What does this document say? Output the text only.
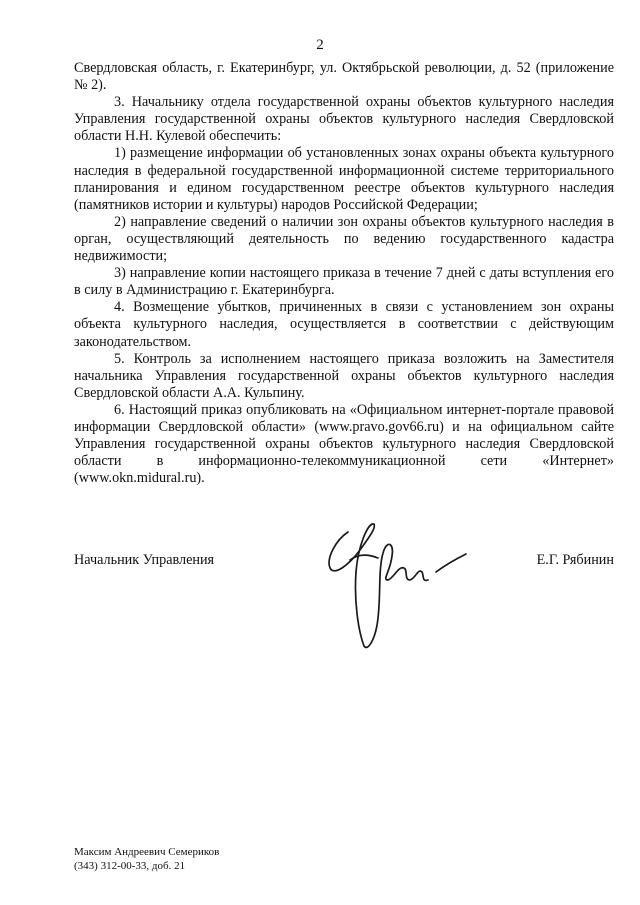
2

Свердловская область, г. Екатеринбург, ул. Октябрьской революции, д. 52 (приложение № 2).

3. Начальнику отдела государственной охраны объектов культурного наследия Управления государственной охраны объектов культурного наследия Свердловской области Н.Н. Кулевой обеспечить:

1) размещение информации об установленных зонах охраны объекта культурного наследия в федеральной государственной информационной системе территориального планирования и едином государственном реестре объектов культурного наследия (памятников истории и культуры) народов Российской Федерации;

2) направление сведений о наличии зон охраны объектов культурного наследия в орган, осуществляющий деятельность по ведению государственного кадастра недвижимости;

3) направление копии настоящего приказа в течение 7 дней с даты вступления его в силу в Администрацию г. Екатеринбурга.

4. Возмещение убытков, причиненных в связи с установлением зон охраны объекта культурного наследия, осуществляется в соответствии с действующим законодательством.

5. Контроль за исполнением настоящего приказа возложить на Заместителя начальника Управления государственной охраны объектов культурного наследия Свердловской области А.А. Кульпину.

6. Настоящий приказ опубликовать на «Официальном интернет-портале правовой информации Свердловской области» (www.pravo.gov66.ru) и на официальном сайте Управления государственной охраны объектов культурного наследия Свердловской области в информационно-телекоммуникационной сети «Интернет» (www.okn.midural.ru).

Начальник Управления	Е.Г. Рябинин
Максим Андреевич Семериков
(343) 312-00-33, доб. 21
